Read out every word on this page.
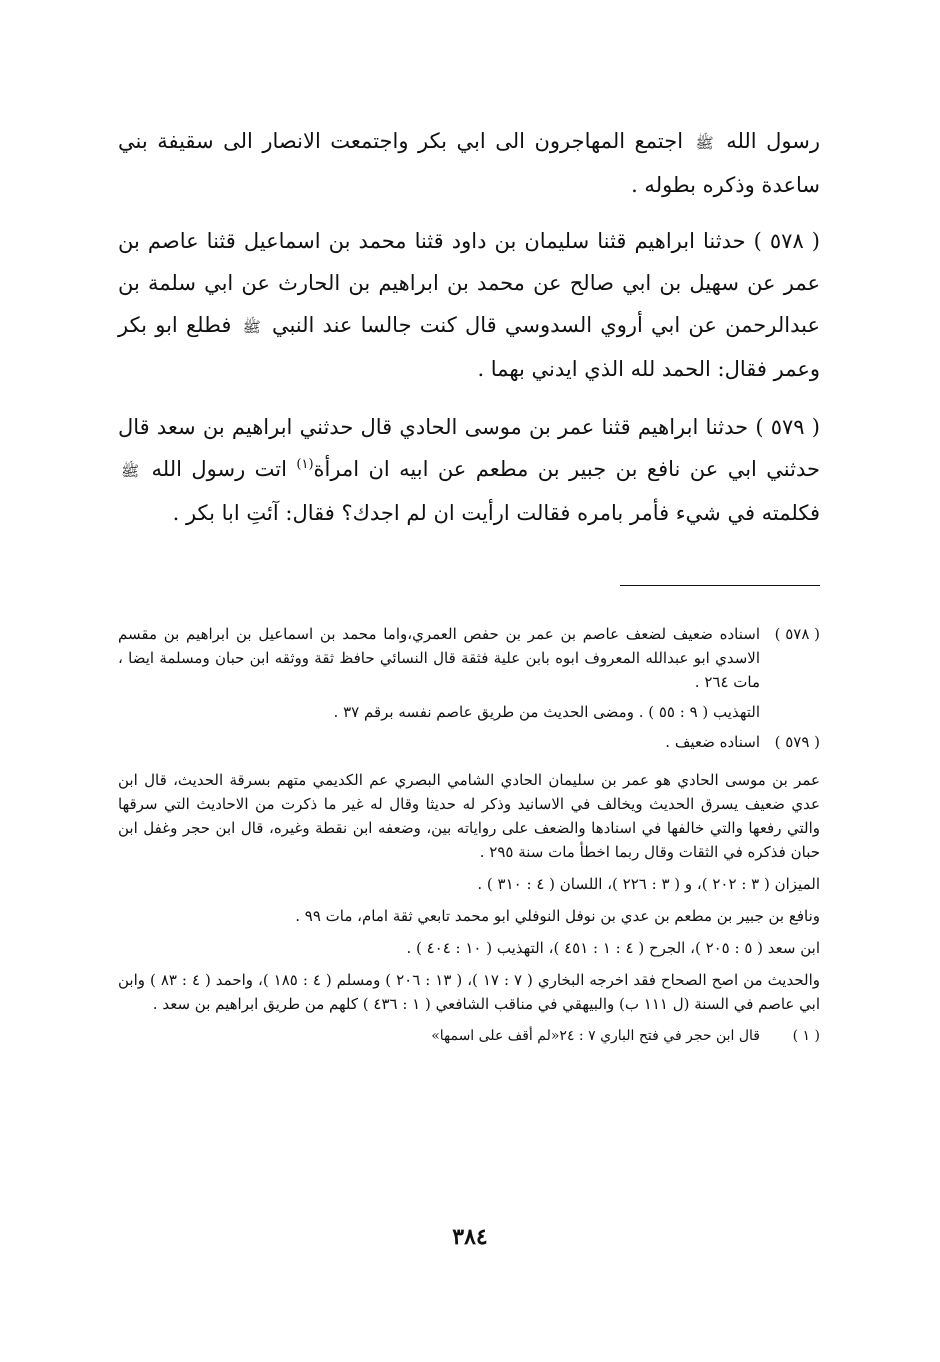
رسول الله ﷺ اجتمع المهاجرون الى ابي بكر واجتمعت الانصار الى سقيفة بني ساعدة وذكره بطوله .

( ٥٧٨ ) حدثنا ابراهيم قثنا سليمان بن داود قثنا محمد بن اسماعيل قثنا عاصم بن عمر عن سهيل بن ابي صالح عن محمد بن ابراهيم بن الحارث عن ابي سلمة بن عبدالرحمن عن ابي أروي السدوسي قال كنت جالسا عند النبي ﷺ فطلع ابو بكر وعمر فقال: الحمد لله الذي ايدني بهما .

( ٥٧٩ ) حدثنا ابراهيم قثنا عمر بن موسى الحادي قال حدثني ابراهيم بن سعد قال حدثني ابي عن نافع بن جبير بن مطعم عن ابيه ان امرأة$^{(١)}$ اتت رسول الله ﷺ فكلمته في شيء فأمر بامره فقالت ارأيت ان لم اجدك؟ فقال: آئتِ ابا بكر .

( ٥٧٨ )

اسناده ضعيف لضعف عاصم بن عمر بن حفص العمري،واما محمد بن اسماعيل بن ابراهيم بن مقسم الاسدي ابو عبدالله المعروف ابوه بابن علية فثقة قال النسائي حافظ ثقة ووثقه ابن حبان ومسلمة ايضا ، مات ٢٦٤ .

التهذيب ( ٩ : ٥٥ ) . ومضى الحديث من طريق عاصم نفسه برقم ٣٧ .

( ٥٧٩ )

اسناده ضعيف .

عمر بن موسى الحادي هو عمر بن سليمان الحادي الشامي البصري عم الكديمي متهم بسرقة الحديث، قال ابن عدي ضعيف يسرق الحديث ويخالف في الاسانيد وذكر له حديثا وقال له غير ما ذكرت من الاحاديث التي سرقها والتي رفعها والتي خالفها في اسنادها والضعف على رواياته بين، وضعفه ابن نقطة وغيره، قال ابن حجر وغفل ابن حبان فذكره في الثقات وقال ربما اخطأ مات سنة ٢٩٥ .
الميزان ( ٣ : ٢٠٢ )، و ( ٣ : ٢٢٦ )، اللسان ( ٤ : ٣١٠ ) .
ونافع بن جبير بن مطعم بن عدي بن نوفل النوفلي ابو محمد تابعي ثقة امام، مات ٩٩ .
ابن سعد ( ٥ : ٢٠٥ )، الجرح ( ٤ : ١ : ٤٥١ )، التهذيب ( ١٠ : ٤٠٤ ) .
والحديث من اصح الصحاح فقد اخرجه البخاري ( ٧ : ١٧ )، ( ١٣ : ٢٠٦ ) ومسلم ( ٤ : ١٨٥ )، واحمد ( ٤ : ٨٣ ) وابن ابي عاصم في السنة (ل ١١١ ب) والبيهقي في مناقب الشافعي ( ١ : ٤٣٦ ) كلهم من طريق ابراهيم بن سعد .
( ١ )
قال ابن حجر في فتح الباري ٧ : ٢٤«لم أقف على اسمها»
٣٨٤
